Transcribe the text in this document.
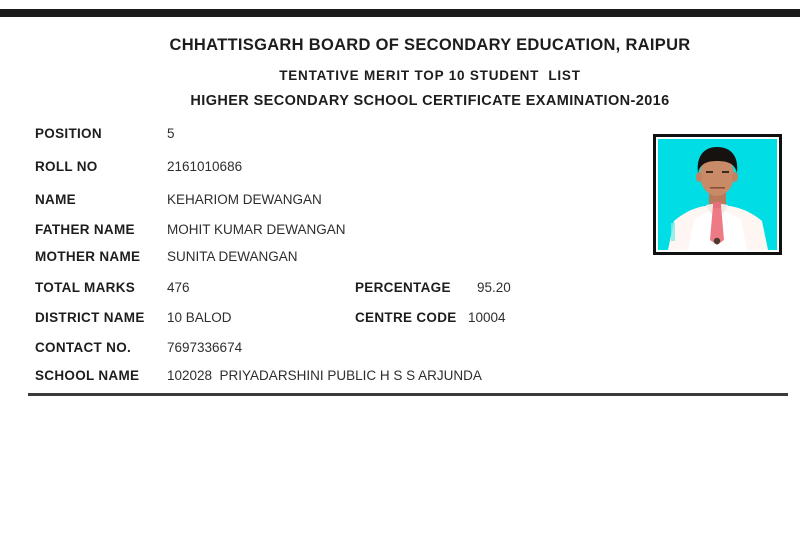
CHHATTISGARH BOARD OF SECONDARY EDUCATION, RAIPUR

TENTATIVE MERIT TOP 10 STUDENT  LIST

HIGHER SECONDARY SCHOOL CERTIFICATE EXAMINATION-2016

POSITION	5
ROLL NO	2161010686
NAME	KEHARIOM DEWANGAN
FATHER NAME MOHIT KUMAR DEWANGAN
MOTHER NAME SUNITA DEWANGAN
TOTAL MARKS 476	PERCENTAGE 95.20
DISTRICT NAME 10 BALOD	CENTRE CODE 10004
CONTACT NO.	7697336674
SCHOOL NAME 102028  PRIYADARSHINI PUBLIC H S S ARJUNDA
